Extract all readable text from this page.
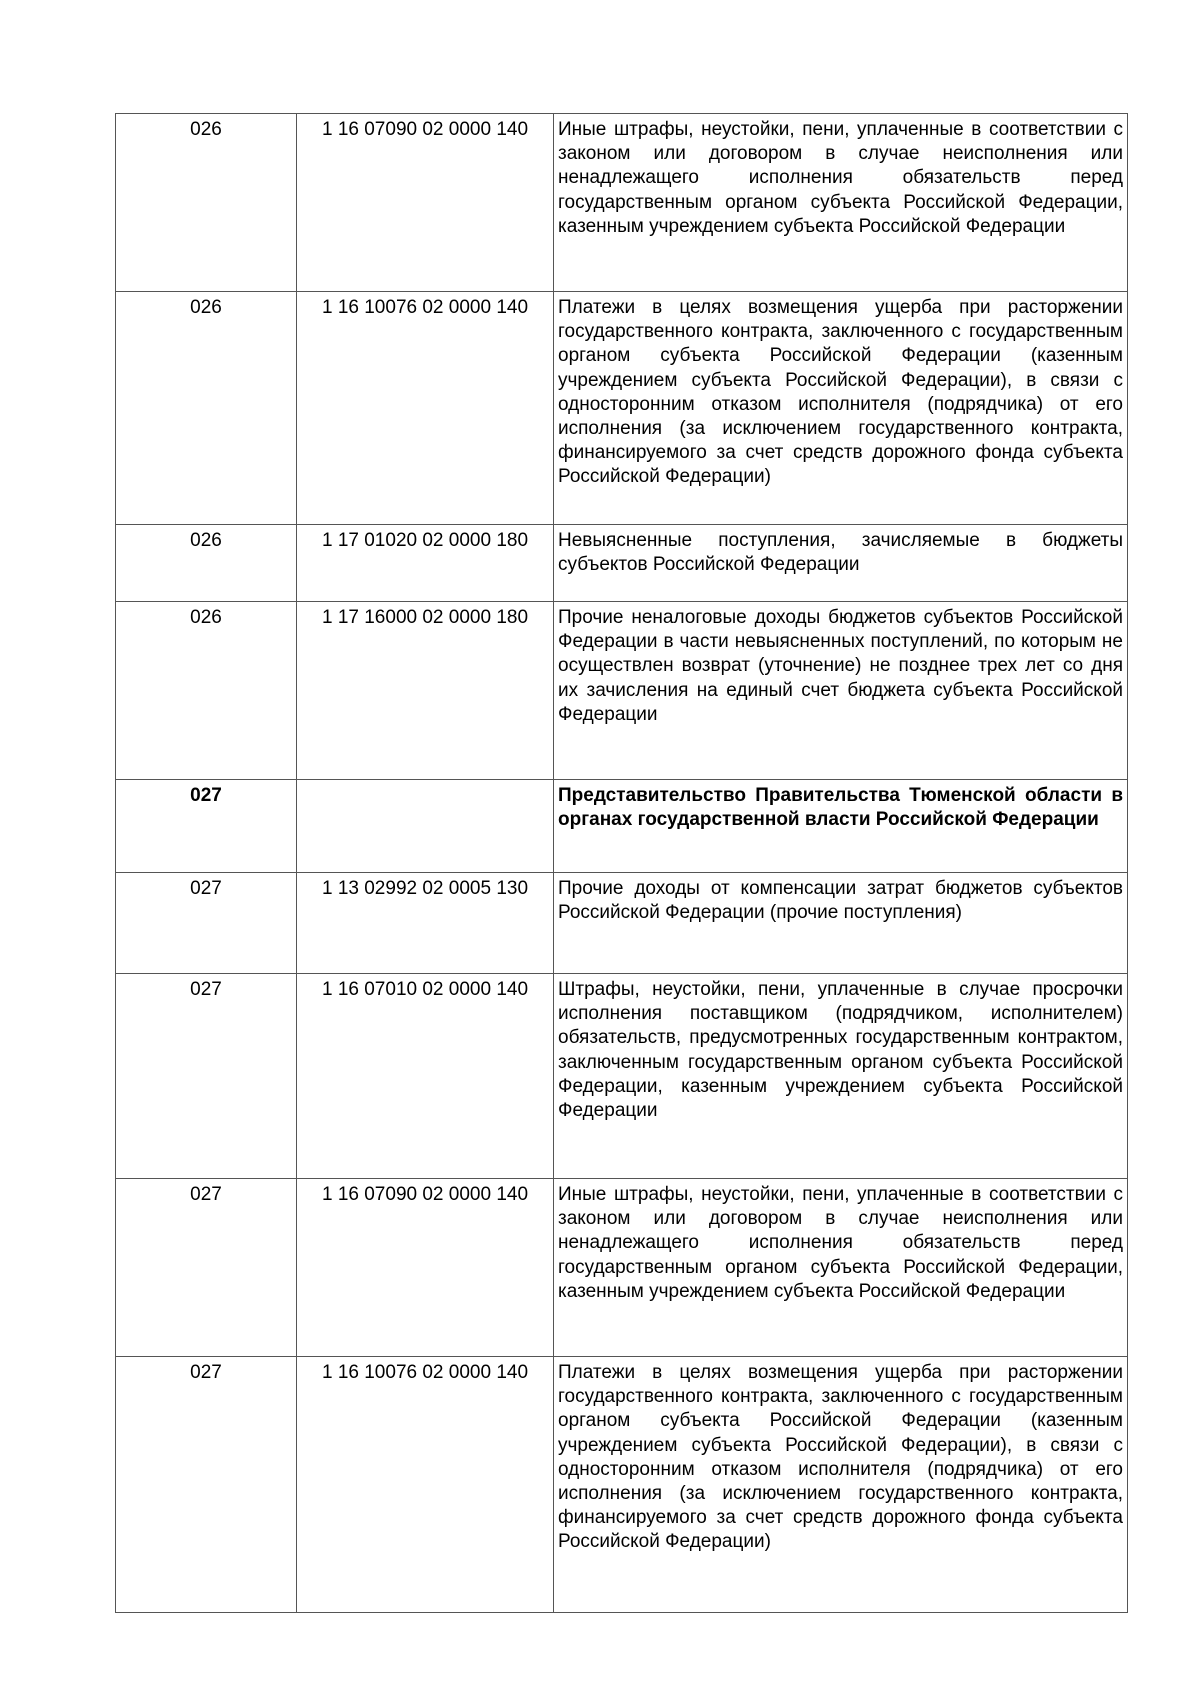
026	1 16 07090 02 0000 140	Иные штрафы, неустойки, пени, уплаченные в соответствии с законом или договором в случае неисполнения или ненадлежащего исполнения обязательств перед государственным органом субъекта Российской Федерации, казенным учреждением субъекта Российской Федерации
026	1 16 10076 02 0000 140	Платежи в целях возмещения ущерба при расторжении государственного контракта, заключенного с государственным органом субъекта Российской Федерации (казенным учреждением субъекта Российской Федерации), в связи с односторонним отказом исполнителя (подрядчика) от его исполнения (за исключением государственного контракта, финансируемого за счет средств дорожного фонда субъекта Российской Федерации)
026	1 17 01020 02 0000 180	Невыясненные поступления, зачисляемые в бюджеты субъектов Российской Федерации
026	1 17 16000 02 0000 180	Прочие неналоговые доходы бюджетов субъектов Российской Федерации в части невыясненных поступлений, по которым не осуществлен возврат (уточнение) не позднее трех лет со дня их зачисления на единый счет бюджета субъекта Российской Федерации
027		Представительство Правительства Тюменской области в органах государственной власти Российской Федерации
027	1 13 02992 02 0005 130	Прочие доходы от компенсации затрат бюджетов субъектов Российской Федерации (прочие поступления)
027	1 16 07010 02 0000 140	Штрафы, неустойки, пени, уплаченные в случае просрочки исполнения поставщиком (подрядчиком, исполнителем) обязательств, предусмотренных государственным контрактом, заключенным государственным органом субъекта Российской Федерации, казенным учреждением субъекта Российской Федерации
027	1 16 07090 02 0000 140	Иные штрафы, неустойки, пени, уплаченные в соответствии с законом или договором в случае неисполнения или ненадлежащего исполнения обязательств перед государственным органом субъекта Российской Федерации, казенным учреждением субъекта Российской Федерации
027	1 16 10076 02 0000 140	Платежи в целях возмещения ущерба при расторжении государственного контракта, заключенного с государственным органом субъекта Российской Федерации (казенным учреждением субъекта Российской Федерации), в связи с односторонним отказом исполнителя (подрядчика) от его исполнения (за исключением государственного контракта, финансируемого за счет средств дорожного фонда субъекта Российской Федерации)
